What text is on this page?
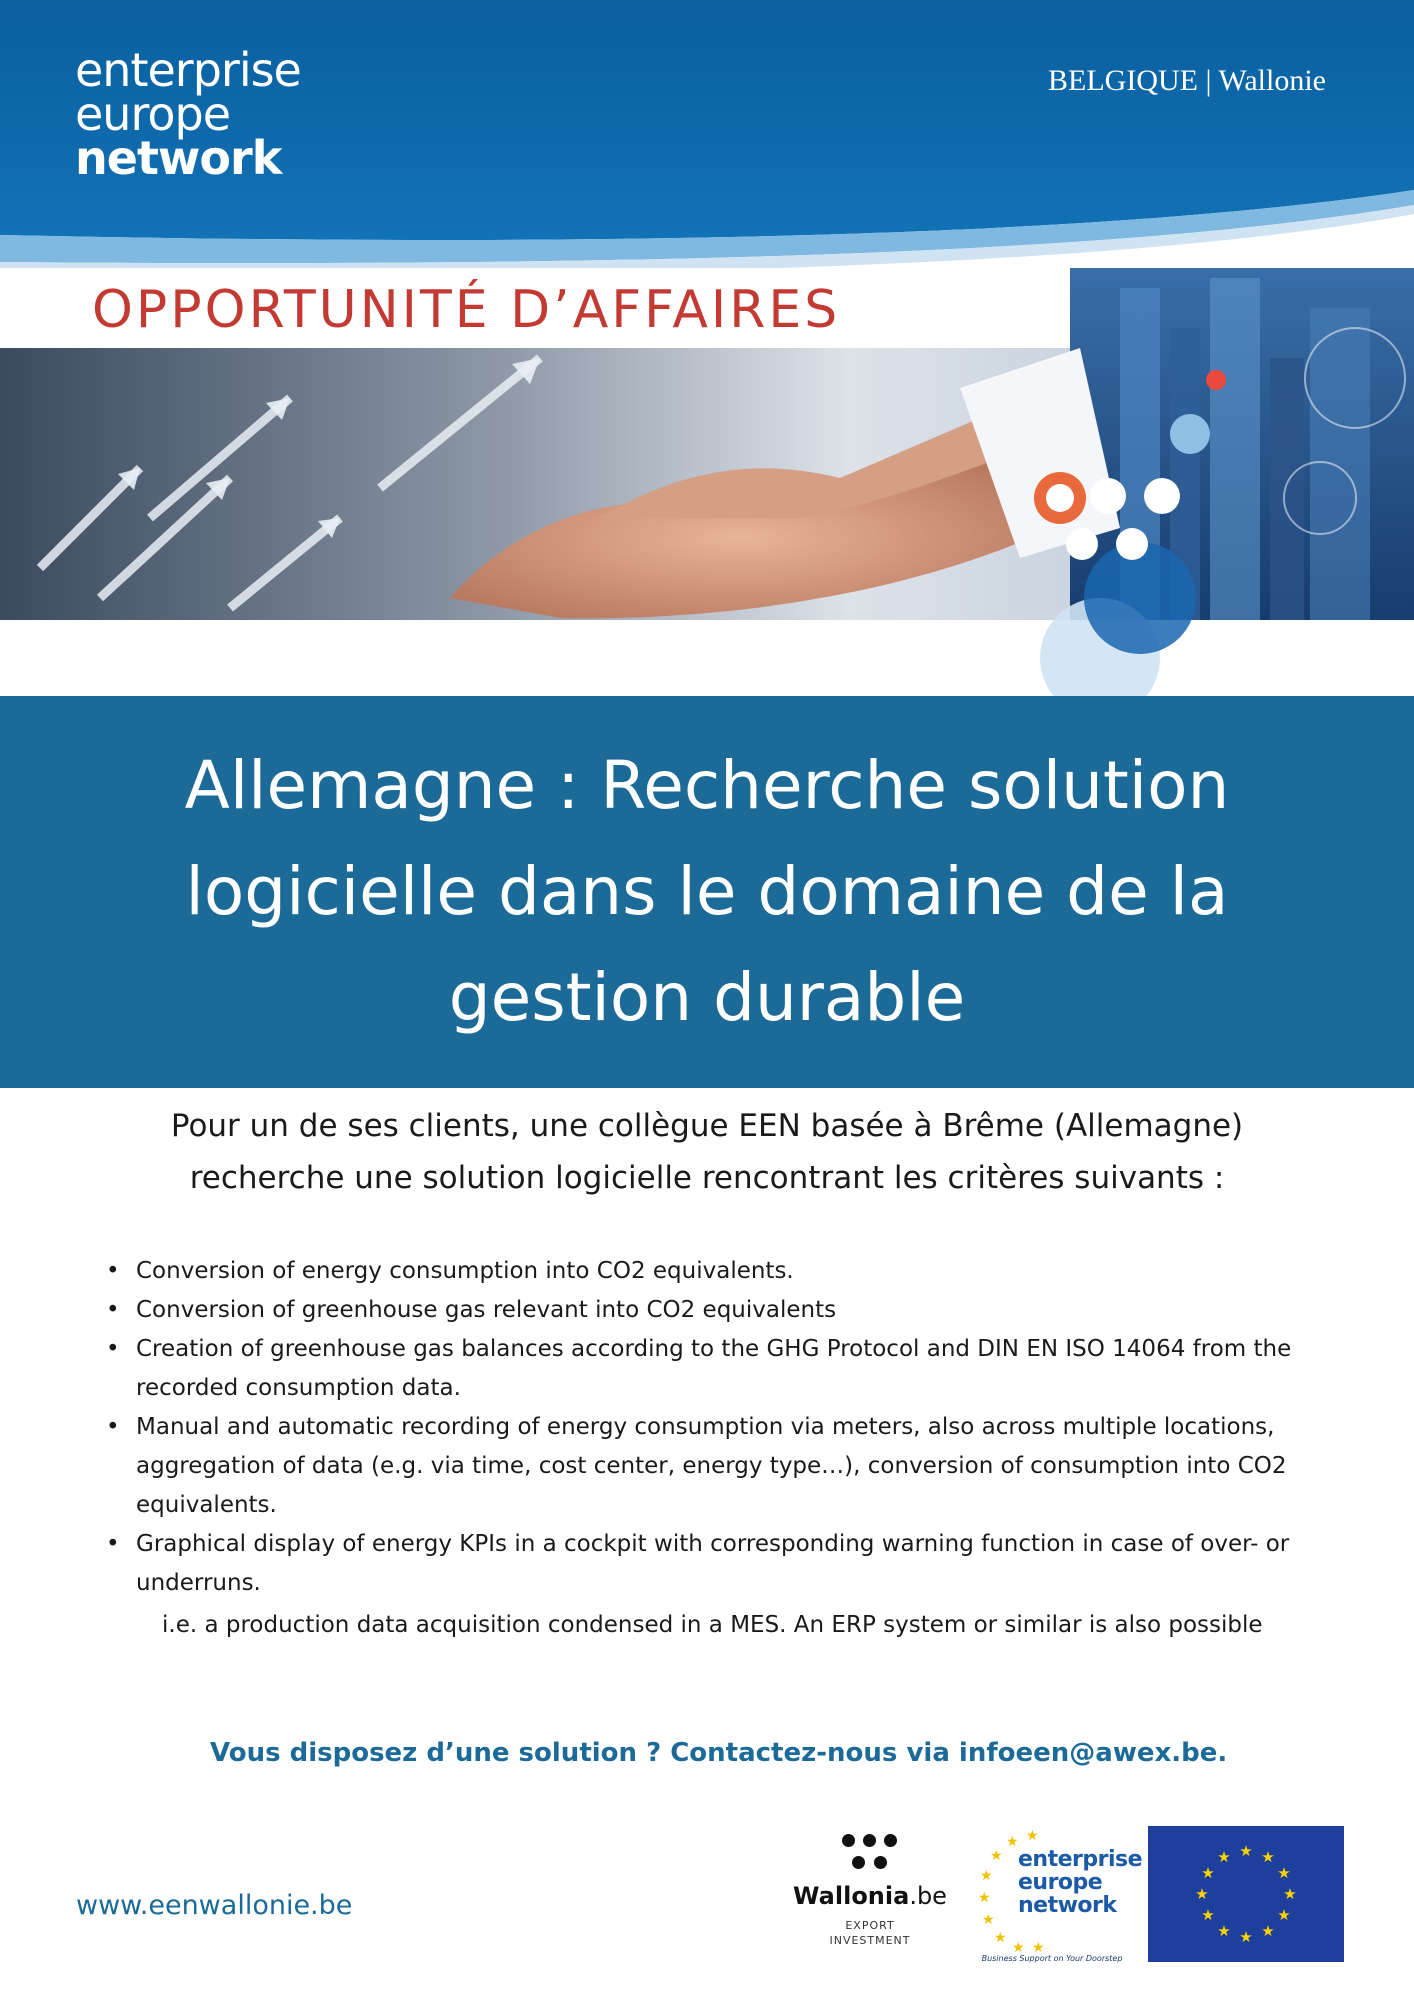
enterprise
europe
network
BELGIQUE | Wallonie
OPPORTUNITÉ D’AFFAIRES
Allemagne : Recherche solution logicielle dans le domaine de la gestion durable
Pour un de ses clients, une collègue EEN basée à Brême (Allemagne) recherche une solution logicielle rencontrant les critères suivants :
• Conversion of energy consumption into CO2 equivalents.
• Conversion of greenhouse gas relevant into CO2 equivalents
• Creation of greenhouse gas balances according to the GHG Protocol and DIN EN ISO 14064 from the recorded consumption data.
• Manual and automatic recording of energy consumption via meters, also across multiple locations, aggregation of data (e.g. via time, cost center, energy type…), conversion of consumption into CO2 equivalents.
• Graphical display of energy KPIs in a cockpit with corresponding warning function in case of over- or underruns.
i.e. a production data acquisition condensed in a MES. An ERP system or similar is also possible
Vous disposez d’une solution ? Contactez-nous via infoeen@awex.be.
www.eenwallonie.be	Wallonia.be
EXPORT
INVESTMENT
★
★
★
★
★
★
★ ★
★
enterprise
europe
network
Business Support on Your Doorstep
★ ★
★
★
★
★
★
★
★
★
★
★
